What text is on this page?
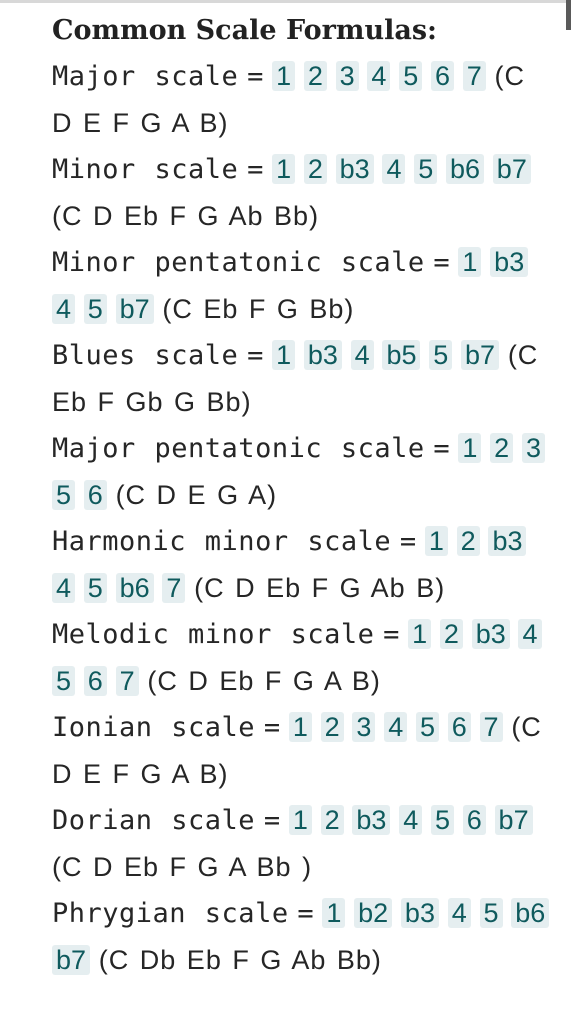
Common Scale Formulas:
Major scale = 1 2 3 4 5 6 7 (C D E F G A B)
Minor scale = 1 2 b3 4 5 b6 b7 (C D Eb F G Ab Bb)
Minor pentatonic scale = 1 b3 4 5 b7 (C Eb F G Bb)
Blues scale = 1 b3 4 b5 5 b7 (C Eb F Gb G Bb)
Major pentatonic scale = 1 2 3 5 6 (C D E G A)
Harmonic minor scale = 1 2 b3 4 5 b6 7 (C D Eb F G Ab B)
Melodic minor scale = 1 2 b3 4 5 6 7 (C D Eb F G A B)
Ionian scale = 1 2 3 4 5 6 7 (C D E F G A B)
Dorian scale = 1 2 b3 4 5 6 b7 (C D Eb F G A Bb )
Phrygian scale = 1 b2 b3 4 5 b6 b7 (C Db Eb F G Ab Bb)
